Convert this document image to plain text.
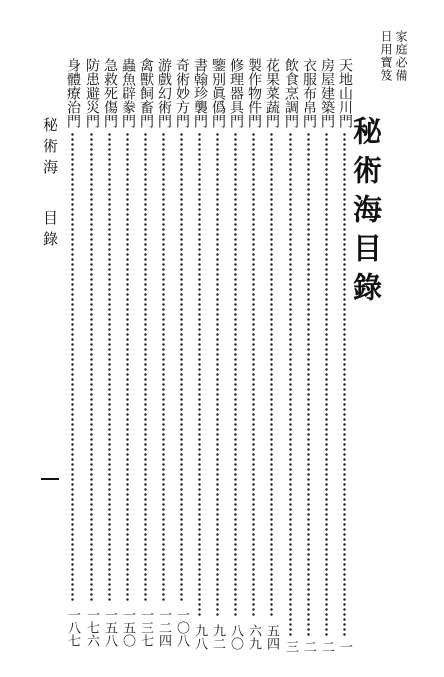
家庭必備
日用寶笈
秘術海目錄
天地山川門
一
房屋建築門
二
衣服布帛門
二
飲食烹調門
三
花果菜蔬門
五四
製作物件門
六九
修理器具門
八〇
鑒別眞僞門
九二
書翰珍襲門
九八
奇術妙方門
一〇八
游戲幻術門
一二四
禽獸飼畜門
一三七
蟲魚辟豢門
一五〇
急救死傷門
一五八
防患避災門
一七六
身體療治門
一八七
秘術海
目錄
